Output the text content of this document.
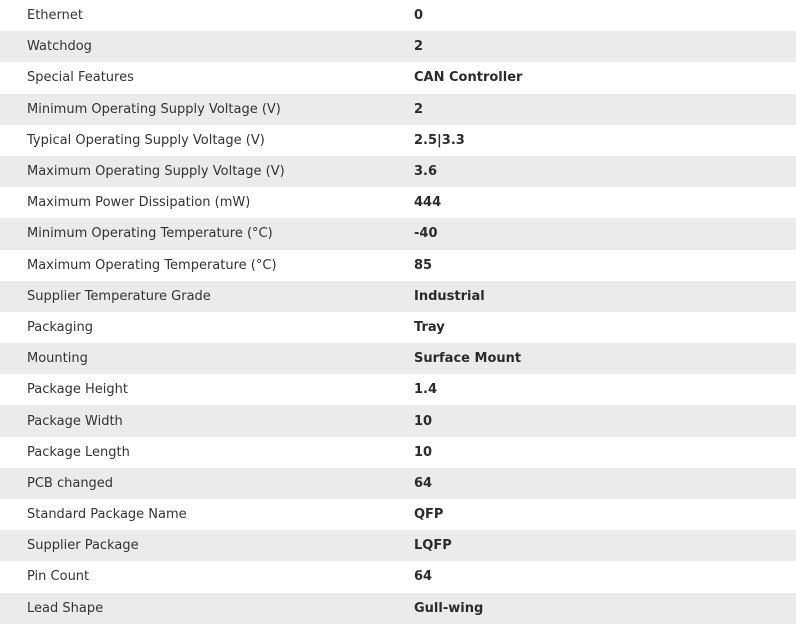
Ethernet	0
Watchdog	2
Special Features	CAN Controller
Minimum Operating Supply Voltage (V)	2
Typical Operating Supply Voltage (V)	2.5|3.3
Maximum Operating Supply Voltage (V)	3.6
Maximum Power Dissipation (mW)	444
Minimum Operating Temperature (°C)	-40
Maximum Operating Temperature (°C)	85
Supplier Temperature Grade	Industrial
Packaging	Tray
Mounting	Surface Mount
Package Height	1.4
Package Width	10
Package Length	10
PCB changed	64
Standard Package Name	QFP
Supplier Package	LQFP
Pin Count	64
Lead Shape	Gull-wing
